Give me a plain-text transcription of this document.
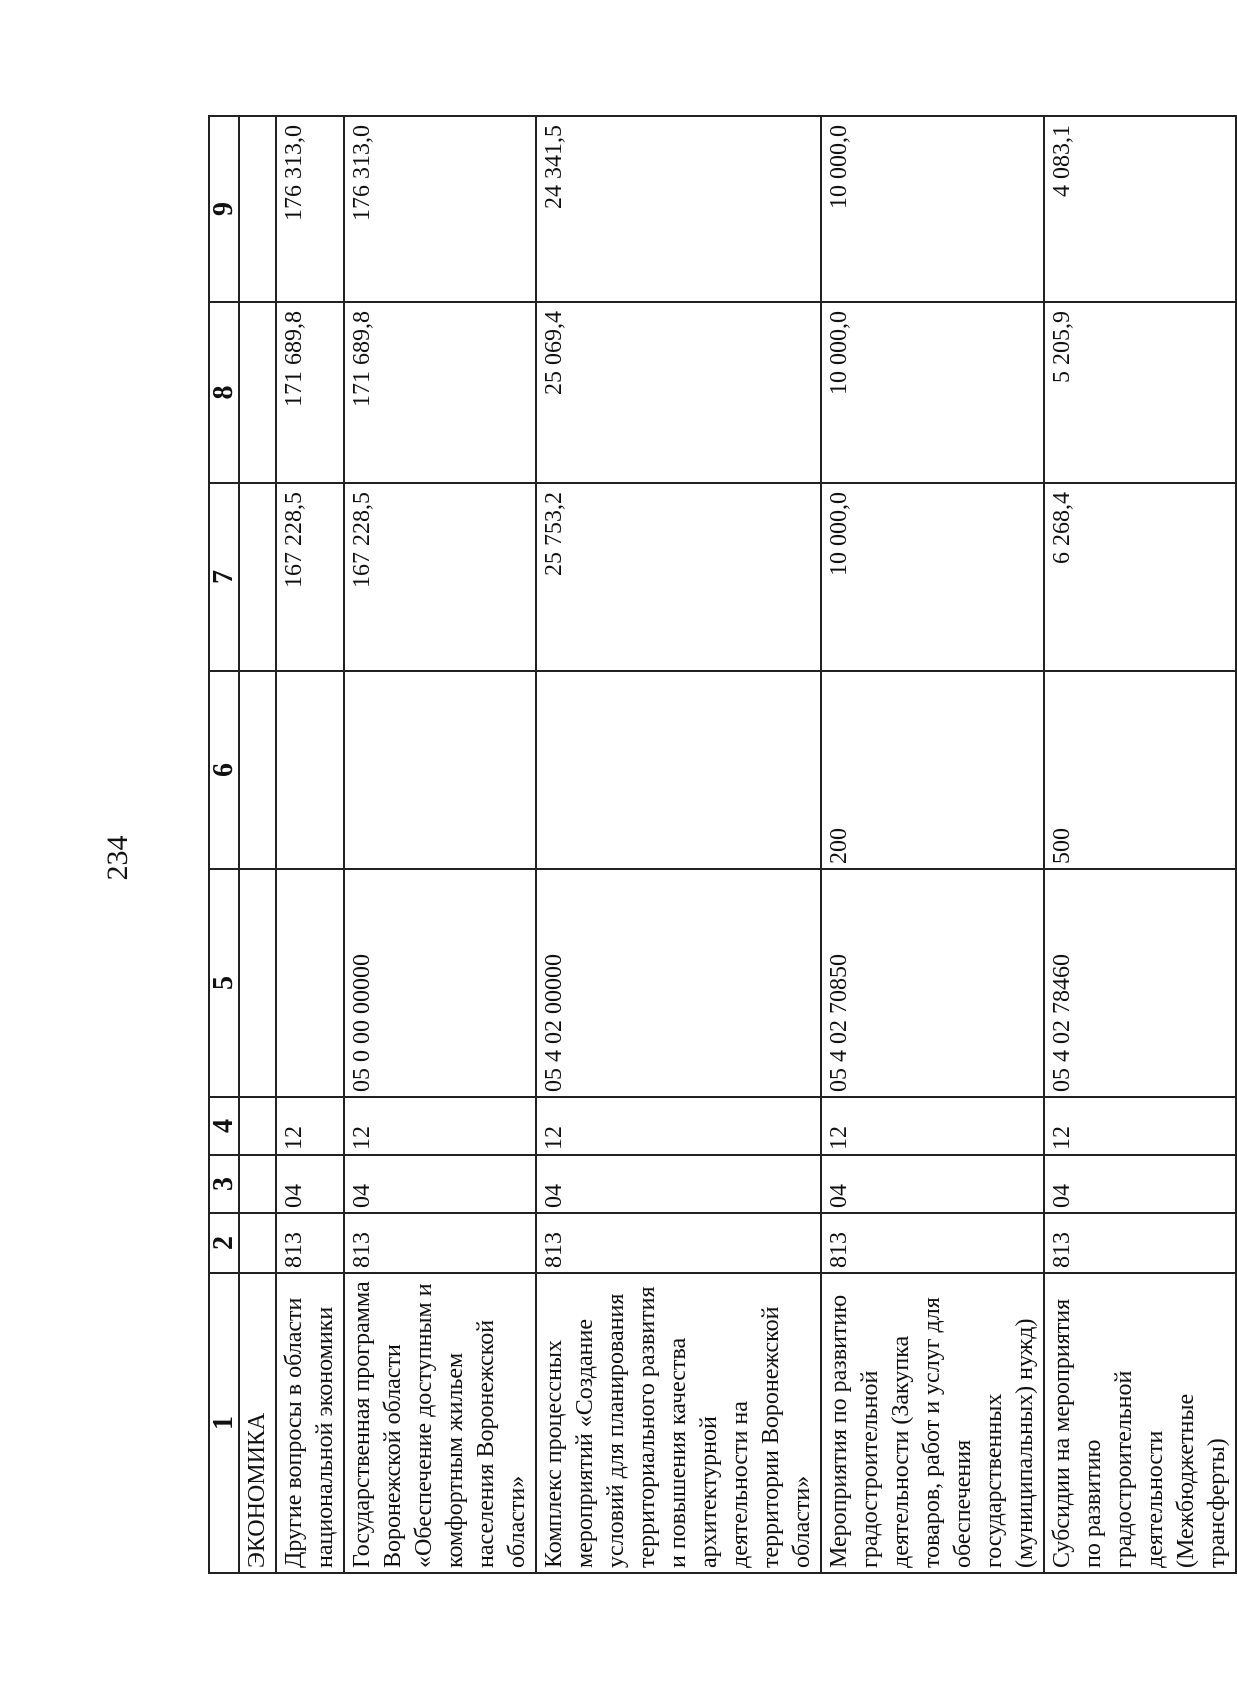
234
1	2	3	4	5	6	7	8	9
ЭКОНОМИКА								
Другие вопросы в области национальной экономики	813	04	12			167 228,5	171 689,8	176 313,0
Государственная программа Воронежской области «Обеспечение доступным и комфортным жильем населения Воронежской области»	813	04	12	05 0 00 00000		167 228,5	171 689,8	176 313,0
Комплекс процессных мероприятий «Создание условий для планирования территориального развития и повышения качества архитектурной деятельности на территории Воронежской области»	813	04	12	05 4 02 00000		25 753,2	25 069,4	24 341,5
Мероприятия по развитию градостроительной деятельности (Закупка товаров, работ и услуг для обеспечения государственных (муниципальных) нужд)	813	04	12	05 4 02 70850	200	10 000,0	10 000,0	10 000,0
Субсидии на мероприятия по развитию градостроительной деятельности (Межбюджетные трансферты)	813	04	12	05 4 02 78460	500	6 268,4	5 205,9	4 083,1
